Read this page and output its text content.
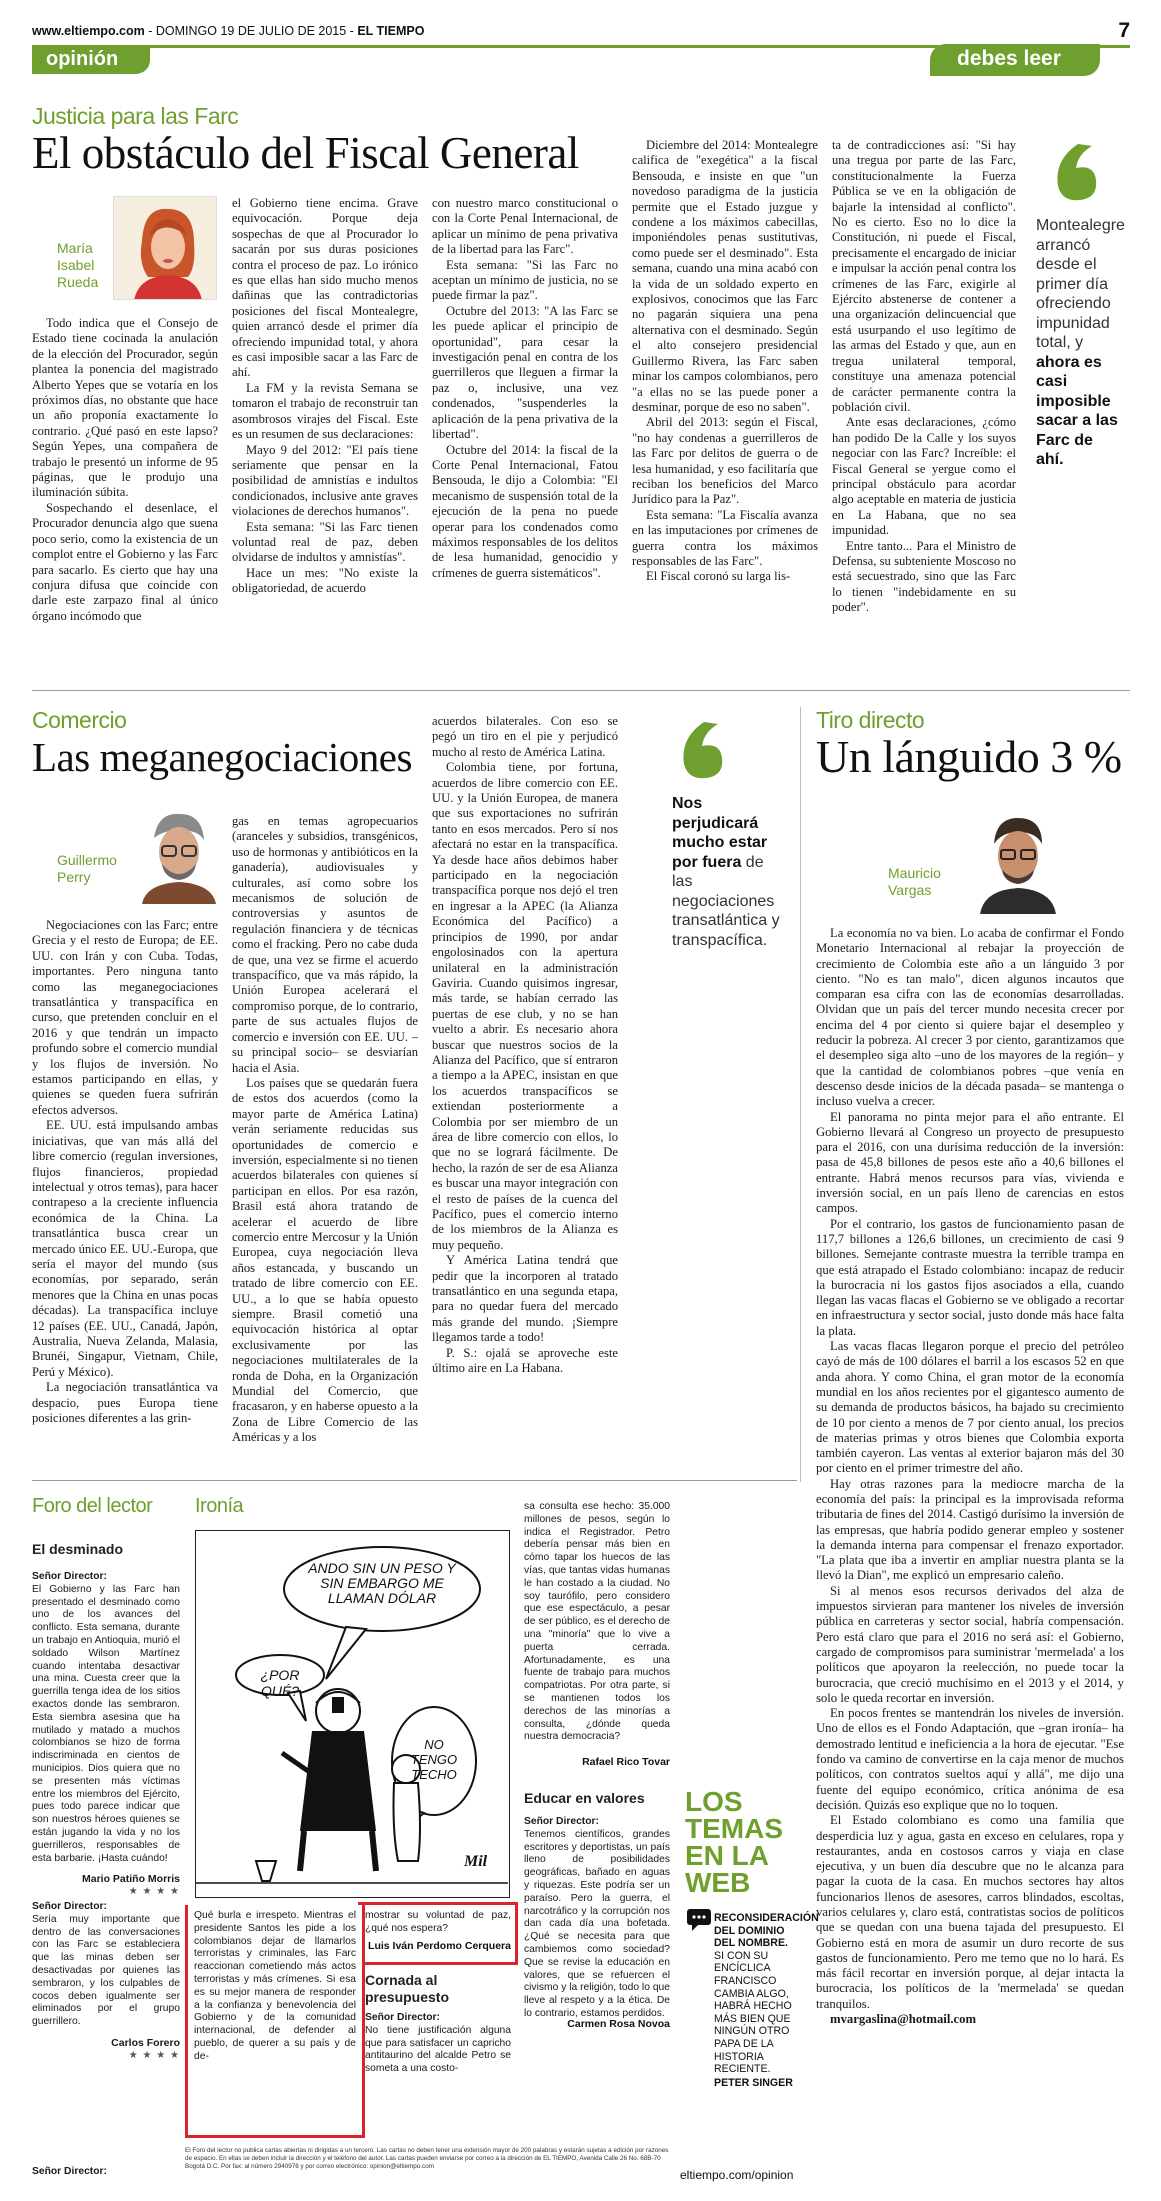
www.eltiempo.com - DOMINGO 19 DE JULIO DE 2015 - EL TIEMPO	7
opinión	debes leer
Justicia para las Farc
El obstáculo del Fiscal General
María
Isabel
Rueda

Todo indica que el Consejo de Estado tiene cocinada la anulación de la elección del Procurador, según plantea la ponencia del magistrado Alberto Yepes que se votaría en los próximos días, no obstante que hace un año proponía exactamente lo contrario. ¿Qué pasó en este lapso? Según Yepes, una compañera de trabajo le presentó un informe de 95 páginas, que le produjo una iluminación súbita.

Sospechando el desenlace, el Procurador denuncia algo que suena poco serio, como la existencia de un complot entre el Gobierno y las Farc para sacarlo. Es cierto que hay una conjura difusa que coincide con darle este zarpazo final al único órgano incómodo que

el Gobierno tiene encima. Grave equivocación. Porque deja sospechas de que al Procurador lo sacarán por sus duras posiciones contra el proceso de paz. Lo irónico es que ellas han sido mucho menos dañinas que las contradictorias posiciones del fiscal Montealegre, quien arrancó desde el primer día ofreciendo impunidad total, y ahora es casi imposible sacar a las Farc de ahí.

La FM y la revista Semana se tomaron el trabajo de reconstruir tan asombrosos virajes del Fiscal. Este es un resumen de sus declaraciones:

Mayo 9 del 2012: "El país tiene seriamente que pensar en la posibilidad de amnistías e indultos condicionados, inclusive ante graves violaciones de derechos humanos".

Esta semana: "Si las Farc tienen voluntad real de paz, deben olvidarse de indultos y amnistías".

Hace un mes: "No existe la obligatoriedad, de acuerdo

con nuestro marco constitucional o con la Corte Penal Internacional, de aplicar un mínimo de pena privativa de la libertad para las Farc".

Esta semana: "Si las Farc no aceptan un mínimo de justicia, no se puede firmar la paz".

Octubre del 2013: "A las Farc se les puede aplicar el principio de oportunidad", para cesar la investigación penal en contra de los guerrilleros que lleguen a firmar la paz o, inclusive, una vez condenados, "suspenderles la aplicación de la pena privativa de la libertad".

Octubre del 2014: la fiscal de la Corte Penal Internacional, Fatou Bensouda, le dijo a Colombia: "El mecanismo de suspensión total de la ejecución de la pena no puede operar para los condenados como máximos responsables de los delitos de lesa humanidad, genocidio y crímenes de guerra sistemáticos".

Diciembre del 2014: Montealegre califica de "exegética" a la fiscal Bensouda, e insiste en que "un novedoso paradigma de la justicia permite que el Estado juzgue y condene a los máximos cabecillas, imponiéndoles penas sustitutivas, como puede ser el desminado". Esta semana, cuando una mina acabó con la vida de un soldado experto en explosivos, conocimos que las Farc no pagarán siquiera una pena alternativa con el desminado. Según el alto consejero presidencial Guillermo Rivera, las Farc saben minar los campos colombianos, pero "a ellas no se las puede poner a desminar, porque de eso no saben".

Abril del 2013: según el Fiscal, "no hay condenas a guerrilleros de las Farc por delitos de guerra o de lesa humanidad, y eso facilitaría que reciban los beneficios del Marco Jurídico para la Paz".

Esta semana: "La Fiscalía avanza en las imputaciones por crímenes de guerra contra los máximos responsables de las Farc".

El Fiscal coronó su larga lis-

ta de contradicciones así: "Si hay una tregua por parte de las Farc, constitucionalmente la Fuerza Pública se ve en la obligación de bajarle la intensidad al conflicto". No es cierto. Eso no lo dice la Constitución, ni puede el Fiscal, precisamente el encargado de iniciar e impulsar la acción penal contra los crímenes de las Farc, exigirle al Ejército abstenerse de contener a una organización delincuencial que está usurpando el uso legítimo de las armas del Estado y que, aun en tregua unilateral temporal, constituye una amenaza potencial de carácter permanente contra la población civil.

Ante esas declaraciones, ¿cómo han podido De la Calle y los suyos negociar con las Farc? Increíble: el Fiscal General se yergue como el principal obstáculo para acordar algo aceptable en materia de justicia en La Habana, que no sea impunidad.

Entre tanto... Para el Ministro de Defensa, su subteniente Moscoso no está secuestrado, sino que las Farc lo tienen "indebidamente en su poder".

Montealegre arrancó desde el primer día ofreciendo impunidad total, y ahora es casi imposible sacar a las Farc de ahí.
Comercio
Las meganegociaciones
Guillermo
Perry

Negociaciones con las Farc; entre Grecia y el resto de Europa; de EE. UU. con Irán y con Cuba. Todas, importantes. Pero ninguna tanto como las meganegociaciones transatlántica y transpacífica en curso, que pretenden concluir en el 2016 y que tendrán un impacto profundo sobre el comercio mundial y los flujos de inversión. No estamos participando en ellas, y quienes se queden fuera sufrirán efectos adversos.

EE. UU. está impulsando ambas iniciativas, que van más allá del libre comercio (regulan inversiones, flujos financieros, propiedad intelectual y otros temas), para hacer contrapeso a la creciente influencia económica de la China. La transatlántica busca crear un mercado único EE. UU.-Europa, que sería el mayor del mundo (sus economías, por separado, serán menores que la China en unas pocas décadas). La transpacífica incluye 12 países (EE. UU., Canadá, Japón, Australia, Nueva Zelanda, Malasia, Brunéi, Singapur, Vietnam, Chile, Perú y México).

La negociación transatlántica va despacio, pues Europa tiene posiciones diferentes a las grin-

gas en temas agropecuarios (aranceles y subsidios, transgénicos, uso de hormonas y antibióticos en la ganadería), audiovisuales y culturales, así como sobre los mecanismos de solución de controversias y asuntos de regulación financiera y de técnicas como el fracking. Pero no cabe duda de que, una vez se firme el acuerdo transpacífico, que va más rápido, la Unión Europea acelerará el compromiso porque, de lo contrario, parte de sus actuales flujos de comercio e inversión con EE. UU. –su principal socio– se desviarían hacia el Asia.

Los países que se quedarán fuera de estos dos acuerdos (como la mayor parte de América Latina) verán seriamente reducidas sus oportunidades de comercio e inversión, especialmente si no tienen acuerdos bilaterales con quienes sí participan en ellos. Por esa razón, Brasil está ahora tratando de acelerar el acuerdo de libre comercio entre Mercosur y la Unión Europea, cuya negociación lleva años estancada, y buscando un tratado de libre comercio con EE. UU., a lo que se había opuesto siempre. Brasil cometió una equivocación histórica al optar exclusivamente por las negociaciones multilaterales de la ronda de Doha, en la Organización Mundial del Comercio, que fracasaron, y en haberse opuesto a la Zona de Libre Comercio de las Américas y a los

acuerdos bilaterales. Con eso se pegó un tiro en el pie y perjudicó mucho al resto de América Latina.

Colombia tiene, por fortuna, acuerdos de libre comercio con EE. UU. y la Unión Europea, de manera que sus exportaciones no sufrirán tanto en esos mercados. Pero sí nos afectará no estar en la transpacífica. Ya desde hace años debimos haber participado en la negociación transpacífica porque nos dejó el tren en ingresar a la APEC (la Alianza Económica del Pacífico) a principios de 1990, por andar engolosinados con la apertura unilateral en la administración Gaviria. Cuando quisimos ingresar, más tarde, se habían cerrado las puertas de ese club, y no se han vuelto a abrir. Es necesario ahora buscar que nuestros socios de la Alianza del Pacífico, que sí entraron a tiempo a la APEC, insistan en que los acuerdos transpacíficos se extiendan posteriormente a Colombia por ser miembro de un área de libre comercio con ellos, lo que no se logrará fácilmente. De hecho, la razón de ser de esa Alianza es buscar una mayor integración con el resto de países de la cuenca del Pacífico, pues el comercio interno de los miembros de la Alianza es muy pequeño.

Y América Latina tendrá que pedir que la incorporen al tratado transatlántico en una segunda etapa, para no quedar fuera del mercado más grande del mundo. ¡Siempre llegamos tarde a todo!

P. S.: ojalá se aproveche este último aire en La Habana.

Nos perjudicará mucho estar por fuera de las negociaciones transatlántica y transpacífica.
Tiro directo
Un lánguido 3 %
Mauricio
Vargas

La economía no va bien. Lo acaba de confirmar el Fondo Monetario Internacional al rebajar la proyección de crecimiento de Colombia este año a un lánguido 3 por ciento. "No es tan malo", dicen algunos incautos que comparan esa cifra con las de economías desarrolladas. Olvidan que un país del tercer mundo necesita crecer por encima del 4 por ciento si quiere bajar el desempleo y reducir la pobreza. Al crecer 3 por ciento, garantizamos que el desempleo siga alto –uno de los mayores de la región– y que la cantidad de colombianos pobres –que venía en descenso desde inicios de la década pasada– se mantenga o incluso vuelva a crecer.

El panorama no pinta mejor para el año entrante. El Gobierno llevará al Congreso un proyecto de presupuesto para el 2016, con una durísima reducción de la inversión: pasa de 45,8 billones de pesos este año a 40,6 billones el entrante. Habrá menos recursos para vías, vivienda e inversión social, en un país lleno de carencias en estos campos.

Por el contrario, los gastos de funcionamiento pasan de 117,7 billones a 126,6 billones, un crecimiento de casi 9 billones. Semejante contraste muestra la terrible trampa en que está atrapado el Estado colombiano: incapaz de reducir la burocracia ni los gastos fijos asociados a ella, cuando llegan las vacas flacas el Gobierno se ve obligado a recortar en infraestructura y sector social, justo donde más hace falta la plata.

Las vacas flacas llegaron porque el precio del petróleo cayó de más de 100 dólares el barril a los escasos 52 en que anda ahora. Y como China, el gran motor de la economía mundial en los años recientes por el gigantesco aumento de su demanda de productos básicos, ha bajado su crecimiento de 10 por ciento a menos de 7 por ciento anual, los precios de materias primas y otros bienes que Colombia exporta también cayeron. Las ventas al exterior bajaron más del 30 por ciento en el primer trimestre del año.

Hay otras razones para la mediocre marcha de la economía del país: la principal es la improvisada reforma tributaria de fines del 2014. Castigó durísimo la inversión de las empresas, que habría podido generar empleo y sostener la demanda interna para compensar el frenazo exportador. "La plata que iba a invertir en ampliar nuestra planta se la llevó la Dian", me explicó un empresario caleño.

Si al menos esos recursos derivados del alza de impuestos sirvieran para mantener los niveles de inversión pública en carreteras y sector social, habría compensación. Pero está claro que para el 2016 no será así: el Gobierno, cargado de compromisos para suministrar 'mermelada' a los políticos que apoyaron la reelección, no puede tocar la burocracia, que creció muchísimo en el 2013 y el 2014, y solo le queda recortar en inversión.

En pocos frentes se mantendrán los niveles de inversión. Uno de ellos es el Fondo Adaptación, que –gran ironía– ha demostrado lentitud e ineficiencia a la hora de ejecutar. "Ese fondo va camino de convertirse en la caja menor de muchos políticos, con contratos sueltos aquí y allá", me dijo una fuente del equipo económico, crítica anónima de esa decisión. Quizás eso explique que no lo toquen.

El Estado colombiano es como una familia que desperdicia luz y agua, gasta en exceso en celulares, ropa y restaurantes, anda en costosos carros y viaja en clase ejecutiva, y un buen día descubre que no le alcanza para pagar la cuota de la casa. En muchos sectores hay altos funcionarios llenos de asesores, carros blindados, escoltas, varios celulares y, claro está, contratistas socios de políticos que se quedan con una buena tajada del presupuesto. El Gobierno está en mora de asumir un duro recorte de sus gastos de funcionamiento. Pero me temo que no lo hará. Es más fácil recortar en inversión porque, al dejar intacta la burocracia, los políticos de la 'mermelada' se quedan tranquilos.

mvargaslina@hotmail.com

Foro del lector
El desminado

Señor Director:

El Gobierno y las Farc han presentado el desminado como uno de los avances del conflicto. Esta semana, durante un trabajo en Antioquia, murió el soldado Wilson Martínez cuando intentaba desactivar una mina. Cuesta creer que la guerrilla tenga idea de los sitios exactos donde las sembraron. Esta siembra asesina que ha mutilado y matado a muchos colombianos se hizo de forma indiscriminada en cientos de municipios. Dios quiera que no se presenten más víctimas entre los miembros del Ejército, pues todo parece indicar que son nuestros héroes quienes se están jugando la vida y no los guerrilleros, responsables de esta barbarie. ¡Hasta cuándo!

Mario Patiño Morris
★ ★ ★ ★

Señor Director:

Sería muy importante que dentro de las conversaciones con las Farc se estableciera que las minas deben ser desactivadas por quienes las sembraron, y los culpables de cocos deben igualmente ser eliminados por el grupo guerrillero.

Carlos Forero
★ ★ ★ ★
Señor Director:
Ironía
ANDO SIN UN PESO Y SIN EMBARGO ME LLAMAN DÓLAR
¿POR QUÉ?
NO TENGO TECHO
Mil
Qué burla e irrespeto. Mientras el presidente Santos les pide a los colombianos dejar de llamarlos terroristas y criminales, las Farc reaccionan cometiendo más actos terroristas y más crímenes. Si esa es su mejor manera de responder a la confianza y benevolencia del Gobierno y de la comunidad internacional, de defender al pueblo, de querer a su país y de de-
mostrar su voluntad de paz, ¿qué nos espera?
Luis Iván Perdomo Cerquera
Cornada al presupuesto

Señor Director:

No tiene justificación alguna que para satisfacer un capricho antitaurino del alcalde Petro se someta a una costo-

sa consulta ese hecho: 35.000 millones de pesos, según lo indica el Registrador. Petro debería pensar más bien en cómo tapar los huecos de las vías, que tantas vidas humanas le han costado a la ciudad. No soy taurófilo, pero considero que ese espectáculo, a pesar de ser público, es el derecho de una "minoría" que lo vive a puerta cerrada. Afortunadamente, es una fuente de trabajo para muchos compatriotas. Por otra parte, si se mantienen todos los derechos de las minorías a consulta, ¿dónde queda nuestra democracia?
Rafael Rico Tovar
Educar en valores

Señor Director:

Tenemos científicos, grandes escritores y deportistas, un país lleno de posibilidades geográficas, bañado en aguas y riquezas. Este podría ser un paraíso. Pero la guerra, el narcotráfico y la corrupción nos dan cada día una bofetada. ¿Qué se necesita para que cambiemos como sociedad? Que se revise la educación en valores, que se refuercen el civismo y la religión, todo lo que lleve al respeto y a la ética. De lo contrario, estamos perdidos.

Carmen Rosa Novoa
LOS
TEMAS
EN LA
WEB
RECONSIDERACIÓN DEL DOMINIO DEL NOMBRE. SI CON SU ENCÍCLICA FRANCISCO CAMBIA ALGO, HABRÁ HECHO MÁS BIEN QUE NINGÚN OTRO PAPA DE LA HISTORIA RECIENTE.
PETER SINGER
eltiempo.com/opinion
El Foro del lector no publica cartas abiertas ni dirigidas a un tercero. Las cartas no deben tener una extensión mayor de 200 palabras y estarán sujetas a edición por razones de espacio. En ellas se deben incluir la dirección y el teléfono del autor. Las cartas pueden enviarse por correo a la dirección de EL TIEMPO, Avenida Calle 26 No. 68B-70 Bogotá D.C. Por fax: al número 2940976 y por correo electrónico: opinion@eltiempo.com
